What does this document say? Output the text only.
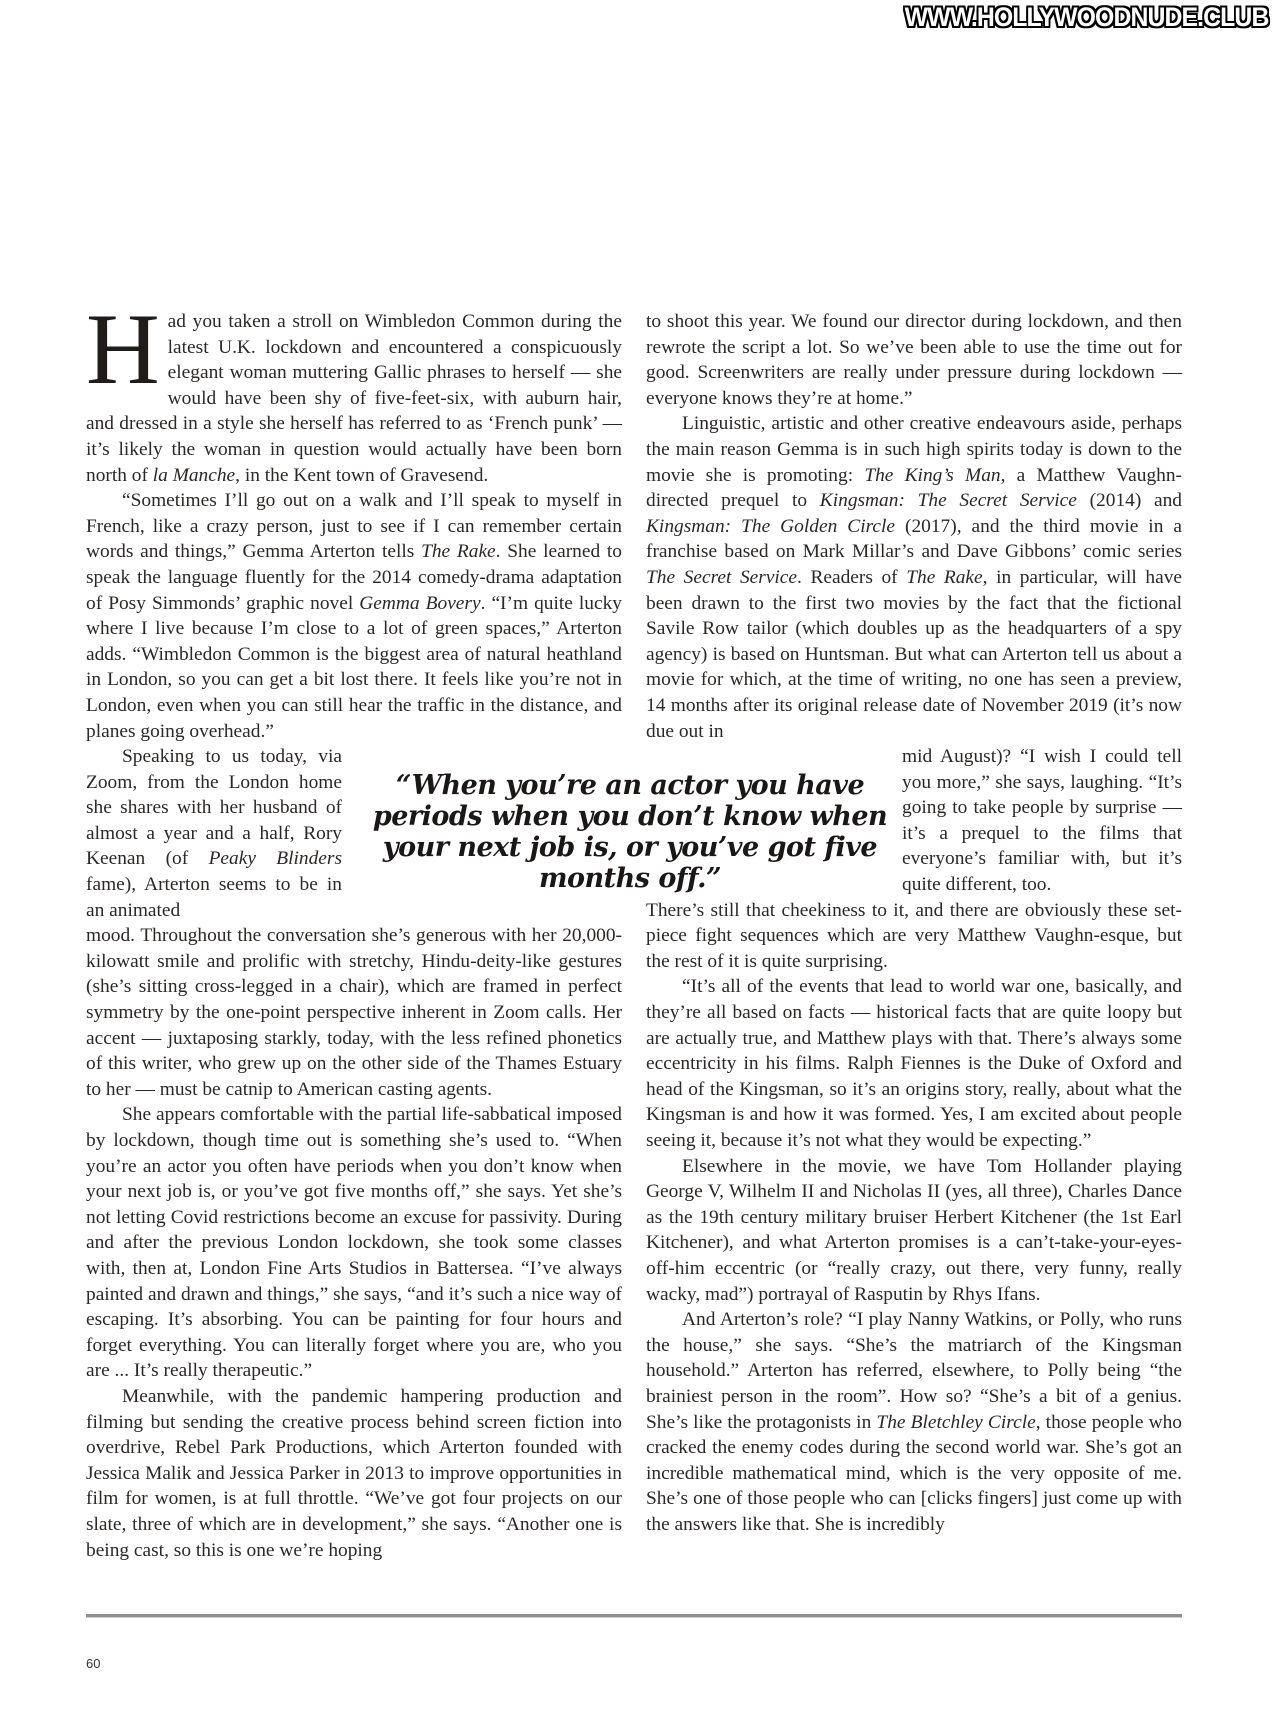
WWW.HOLLYWOODNUDE.CLUB

Had you taken a stroll on Wimbledon Common during the latest U.K. lockdown and encountered a conspicuously elegant woman muttering Gallic phrases to herself — she would have been shy of five-feet-six, with auburn hair, and dressed in a style she herself has referred to as ‘French punk’ — it’s likely the woman in question would actually have been born north of la Manche, in the Kent town of Gravesend.

“Sometimes I’ll go out on a walk and I’ll speak to myself in French, like a crazy person, just to see if I can remember certain words and things,” Gemma Arterton tells The Rake. She learned to speak the language fluently for the 2014 comedy-drama adaptation of Posy Simmonds’ graphic novel Gemma Bovery. “I’m quite lucky where I live because I’m close to a lot of green spaces,” Arterton adds. “Wimbledon Common is the biggest area of natural heathland in London, so you can get a bit lost there. It feels like you’re not in London, even when you can still hear the traffic in the distance, and planes going overhead.”

Speaking to us today, via Zoom, from the London home she shares with her husband of almost a year and a half, Rory Keenan (of Peaky Blinders fame), Arterton seems to be in an animated

mood. Throughout the conversation she’s generous with her 20,000-kilowatt smile and prolific with stretchy, Hindu-deity-like gestures (she’s sitting cross-legged in a chair), which are framed in perfect symmetry by the one-point perspective inherent in Zoom calls. Her accent — juxtaposing starkly, today, with the less refined phonetics of this writer, who grew up on the other side of the Thames Estuary to her — must be catnip to American casting agents.

She appears comfortable with the partial life-sabbatical imposed by lockdown, though time out is something she’s used to. “When you’re an actor you often have periods when you don’t know when your next job is, or you’ve got five months off,” she says. Yet she’s not letting Covid restrictions become an excuse for passivity. During and after the previous London lockdown, she took some classes with, then at, London Fine Arts Studios in Battersea. “I’ve always painted and drawn and things,” she says, “and it’s such a nice way of escaping. It’s absorbing. You can be painting for four hours and forget everything. You can literally forget where you are, who you are ... It’s really therapeutic.”

Meanwhile, with the pandemic hampering production and filming but sending the creative process behind screen fiction into overdrive, Rebel Park Productions, which Arterton founded with Jessica Malik and Jessica Parker in 2013 to improve opportunities in film for women, is at full throttle. “We’ve got four projects on our slate, three of which are in development,” she says. “Another one is being cast, so this is one we’re hoping

“When you’re an actor you have periods when you don’t know when your next job is, or you’ve got five months off.”

to shoot this year. We found our director during lockdown, and then rewrote the script a lot. So we’ve been able to use the time out for good. Screenwriters are really under pressure during lockdown — everyone knows they’re at home.”

Linguistic, artistic and other creative endeavours aside, perhaps the main reason Gemma is in such high spirits today is down to the movie she is promoting: The King’s Man, a Matthew Vaughn-directed prequel to Kingsman: The Secret Service (2014) and Kingsman: The Golden Circle (2017), and the third movie in a franchise based on Mark Millar’s and Dave Gibbons’ comic series The Secret Service. Readers of The Rake, in particular, will have been drawn to the first two movies by the fact that the fictional Savile Row tailor (which doubles up as the headquarters of a spy agency) is based on Huntsman. But what can Arterton tell us about a movie for which, at the time of writing, no one has seen a preview, 14 months after its original release date of November 2019 (it’s now due out in

mid August)? “I wish I could tell you more,” she says, laughing. “It’s going to take people by surprise — it’s a prequel to the films that everyone’s familiar with, but it’s quite different, too.

There’s still that cheekiness to it, and there are obviously these set-piece fight sequences which are very Matthew Vaughn-esque, but the rest of it is quite surprising.

“It’s all of the events that lead to world war one, basically, and they’re all based on facts — historical facts that are quite loopy but are actually true, and Matthew plays with that. There’s always some eccentricity in his films. Ralph Fiennes is the Duke of Oxford and head of the Kingsman, so it’s an origins story, really, about what the Kingsman is and how it was formed. Yes, I am excited about people seeing it, because it’s not what they would be expecting.”

Elsewhere in the movie, we have Tom Hollander playing George V, Wilhelm II and Nicholas II (yes, all three), Charles Dance as the 19th century military bruiser Herbert Kitchener (the 1st Earl Kitchener), and what Arterton promises is a can’t-take-your-eyes-off-him eccentric (or “really crazy, out there, very funny, really wacky, mad”) portrayal of Rasputin by Rhys Ifans.

And Arterton’s role? “I play Nanny Watkins, or Polly, who runs the house,” she says. “She’s the matriarch of the Kingsman household.” Arterton has referred, elsewhere, to Polly being “the brainiest person in the room”. How so? “She’s a bit of a genius. She’s like the protagonists in The Bletchley Circle, those people who cracked the enemy codes during the second world war. She’s got an incredible mathematical mind, which is the very opposite of me. She’s one of those people who can [clicks fingers] just come up with the answers like that. She is incredibly

60
